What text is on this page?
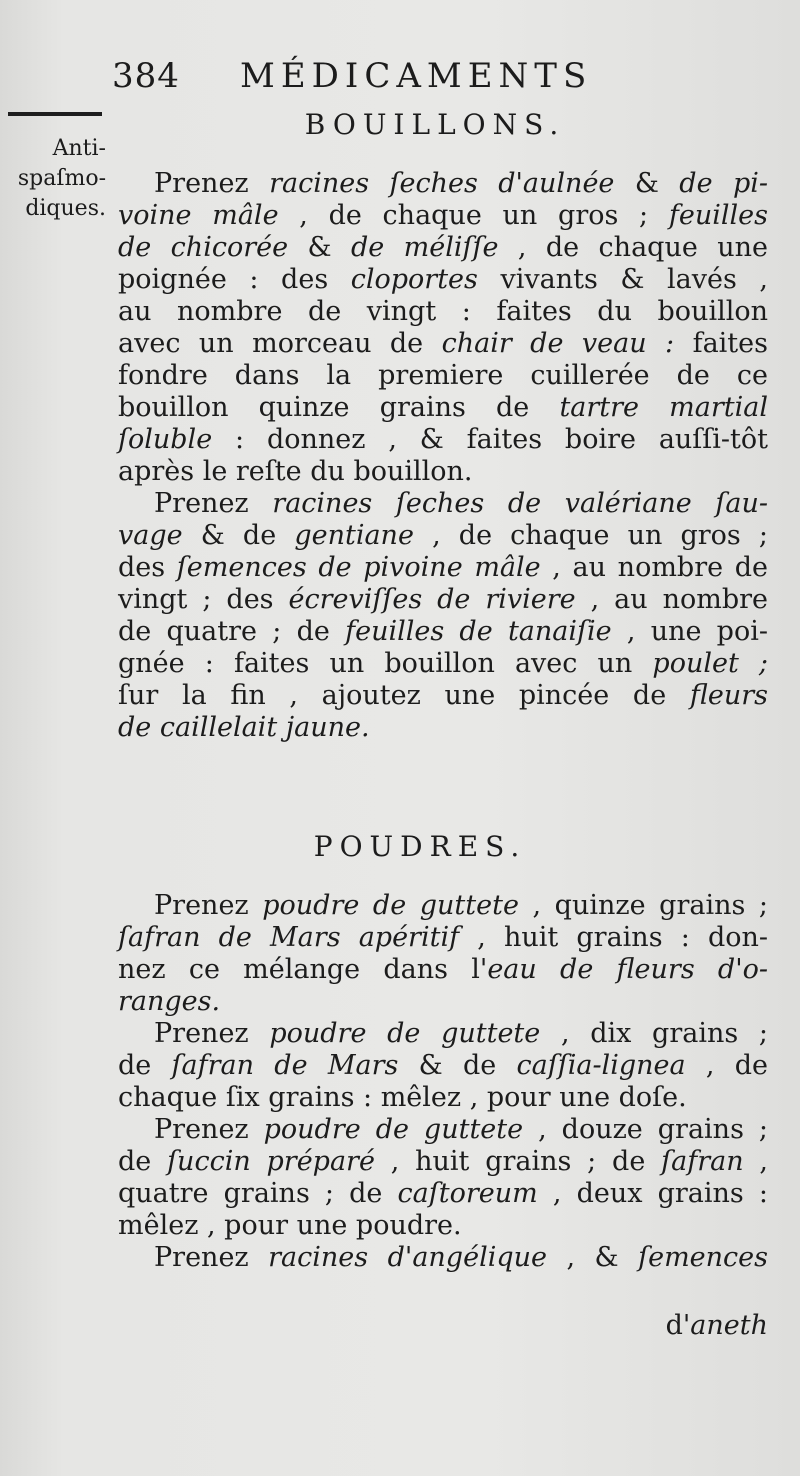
384 MÉDICAMENTS
Anti-
spaſmo-
diques.
BOUILLONS.
Prenez racines ſeches d'aulnée & de pi-
voine mâle , de chaque un gros ; feuilles
de chicorée & de méliſſe , de chaque une
poignée : des cloportes vivants & lavés ,
au nombre de vingt : faites du bouillon
avec un morceau de chair de veau : faites
fondre dans la premiere cuillerée de ce
bouillon quinze grains de tartre martial
ſoluble : donnez , & faites boire auſſi-tôt
après le reſte du bouillon.
Prenez racines ſeches de valériane ſau-
vage & de gentiane , de chaque un gros ;
des ſemences de pivoine mâle , au nombre de
vingt ; des écreviſſes de riviere , au nombre
de quatre ; de feuilles de tanaiſie , une poi-
gnée : faites un bouillon avec un poulet ;
ſur la fin , ajoutez une pincée de fleurs
de caillelait jaune.
POUDRES.
Prenez poudre de guttete , quinze grains ;
ſafran de Mars apéritif , huit grains : don-
nez ce mélange dans l'eau de fleurs d'o-
ranges.
Prenez poudre de guttete , dix grains ;
de ſafran de Mars & de caſſia-lignea , de
chaque ſix grains : mêlez , pour une doſe.
Prenez poudre de guttete , douze grains ;
de ſuccin préparé , huit grains ; de ſafran ,
quatre grains ; de caſtoreum , deux grains :
mêlez , pour une poudre.
Prenez racines d'angélique , & ſemences
d'aneth
